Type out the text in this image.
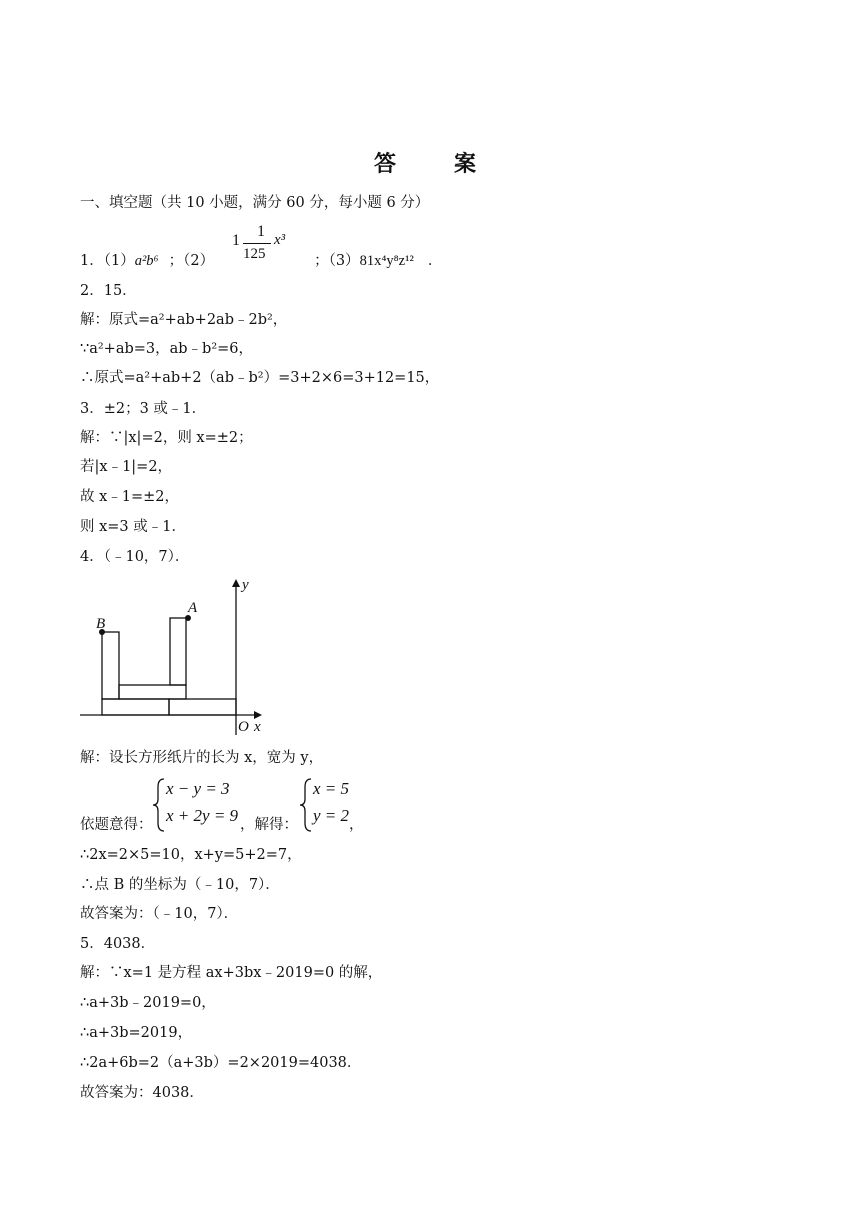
答　案
一、填空题（共 10 小题，满分 60 分，每小题 6 分）
1．（1）a²b⁶ ；（2）	；（3）81x⁴y⁸z¹² ．
1
1
125
x³
2．15．
解：原式=a²+ab+2ab﹣2b²，
∵a²+ab=3，ab﹣b²=6，
∴原式=a²+ab+2（ab﹣b²）=3+2×6=3+12=15，
3．±2；3 或﹣1．
解：∵|x|=2，则 x=±2；
若|x﹣1|=2，
故 x﹣1=±2，
则 x=3 或﹣1．
4．（﹣10，7）．
B
A
y
O x
解：设长方形纸片的长为 x，宽为 y，
依题意得：
x − y = 3
x + 2y = 9 ，解得：
x = 5
y = 2 ，
∴2x=2×5=10，x+y=5+2=7，
∴点 B 的坐标为（﹣10，7）．
故答案为：（﹣10，7）．
5．4038．
解：∵x=1 是方程 ax+3bx﹣2019=0 的解，
∴a+3b﹣2019=0，
∴a+3b=2019，
∴2a+6b=2（a+3b）=2×2019=4038．
故答案为：4038．
